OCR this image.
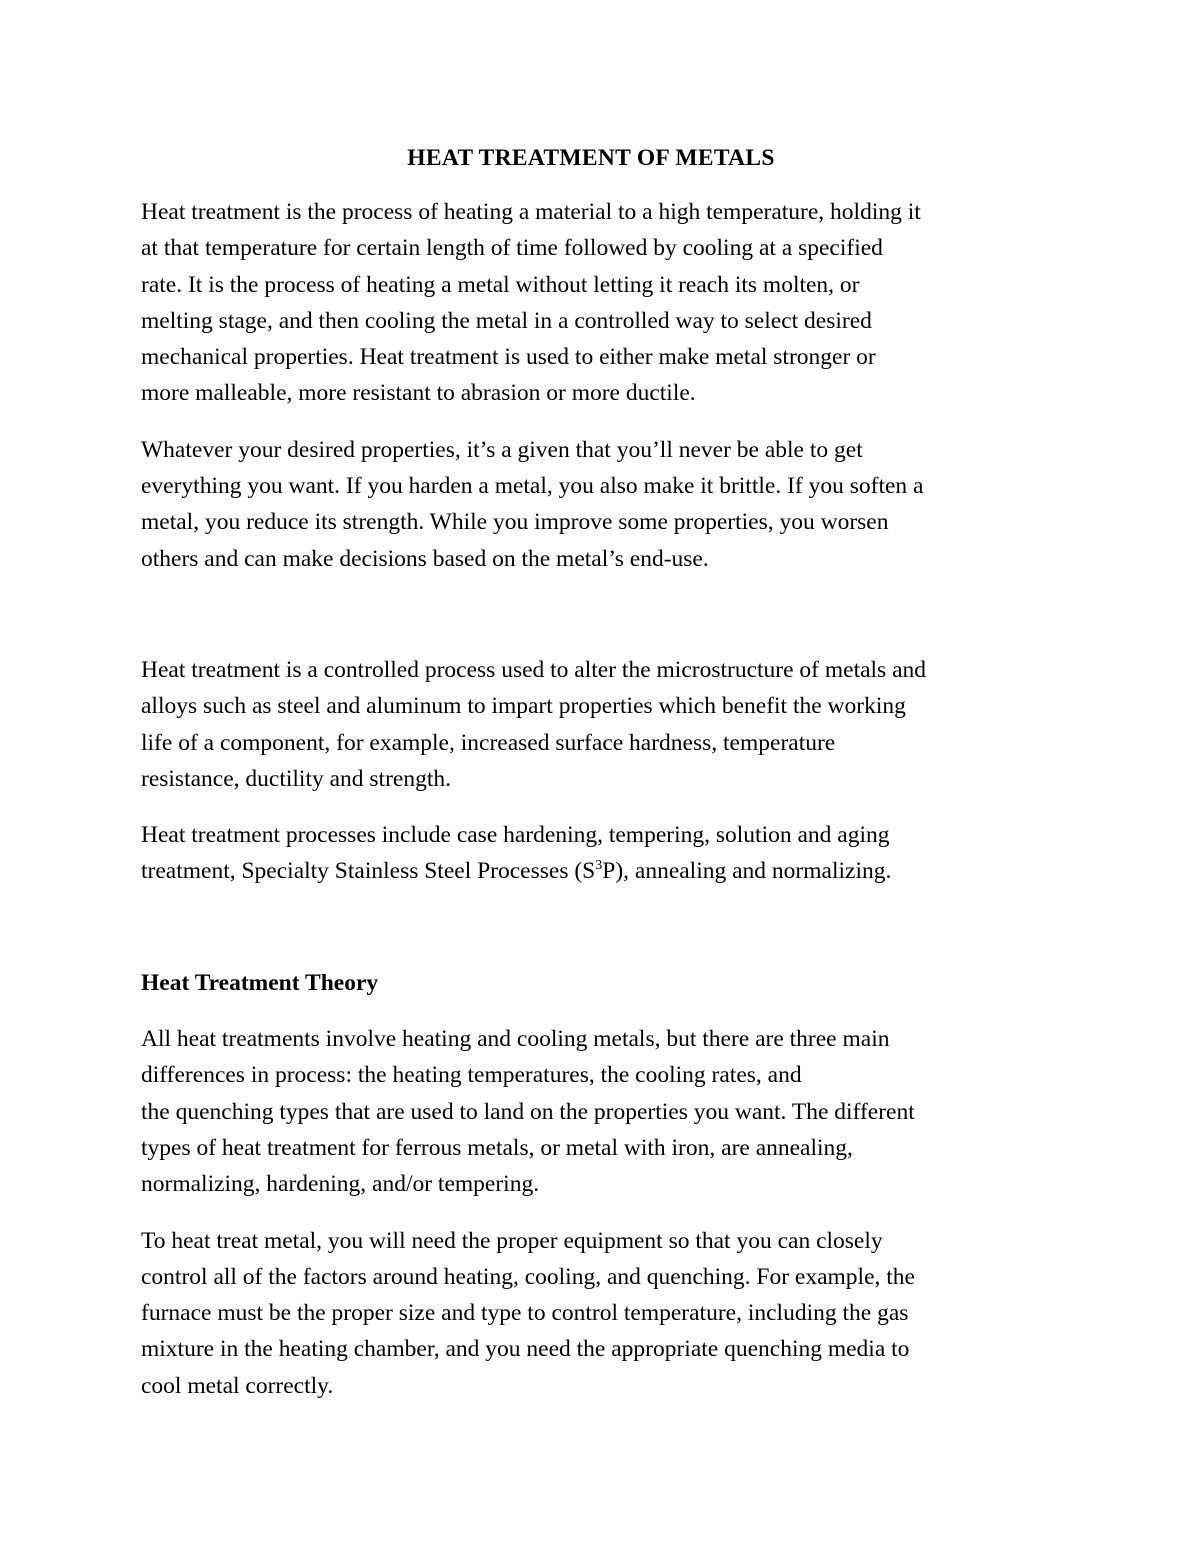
HEAT TREATMENT OF METALS

Heat treatment is the process of heating a material to a high temperature, holding it
at that temperature for certain length of time followed by cooling at a specified
rate. It is the process of heating a metal without letting it reach its molten, or
melting stage, and then cooling the metal in a controlled way to select desired
mechanical properties. Heat treatment is used to either make metal stronger or
more malleable, more resistant to abrasion or more ductile.

Whatever your desired properties, it’s a given that you’ll never be able to get
everything you want. If you harden a metal, you also make it brittle. If you soften a
metal, you reduce its strength. While you improve some properties, you worsen
others and can make decisions based on the metal’s end-use.

Heat treatment is a controlled process used to alter the microstructure of metals and
alloys such as steel and aluminum to impart properties which benefit the working
life of a component, for example, increased surface hardness, temperature
resistance, ductility and strength.

Heat treatment processes include case hardening, tempering, solution and aging
treatment, Specialty Stainless Steel Processes $(S^3P)$, annealing and normalizing.

Heat Treatment Theory

All heat treatments involve heating and cooling metals, but there are three main
differences in process: the heating temperatures, the cooling rates, and
the quenching types that are used to land on the properties you want. The different
types of heat treatment for ferrous metals, or metal with iron, are annealing,
normalizing, hardening, and/or tempering.

To heat treat metal, you will need the proper equipment so that you can closely
control all of the factors around heating, cooling, and quenching. For example, the
furnace must be the proper size and type to control temperature, including the gas
mixture in the heating chamber, and you need the appropriate quenching media to
cool metal correctly.
